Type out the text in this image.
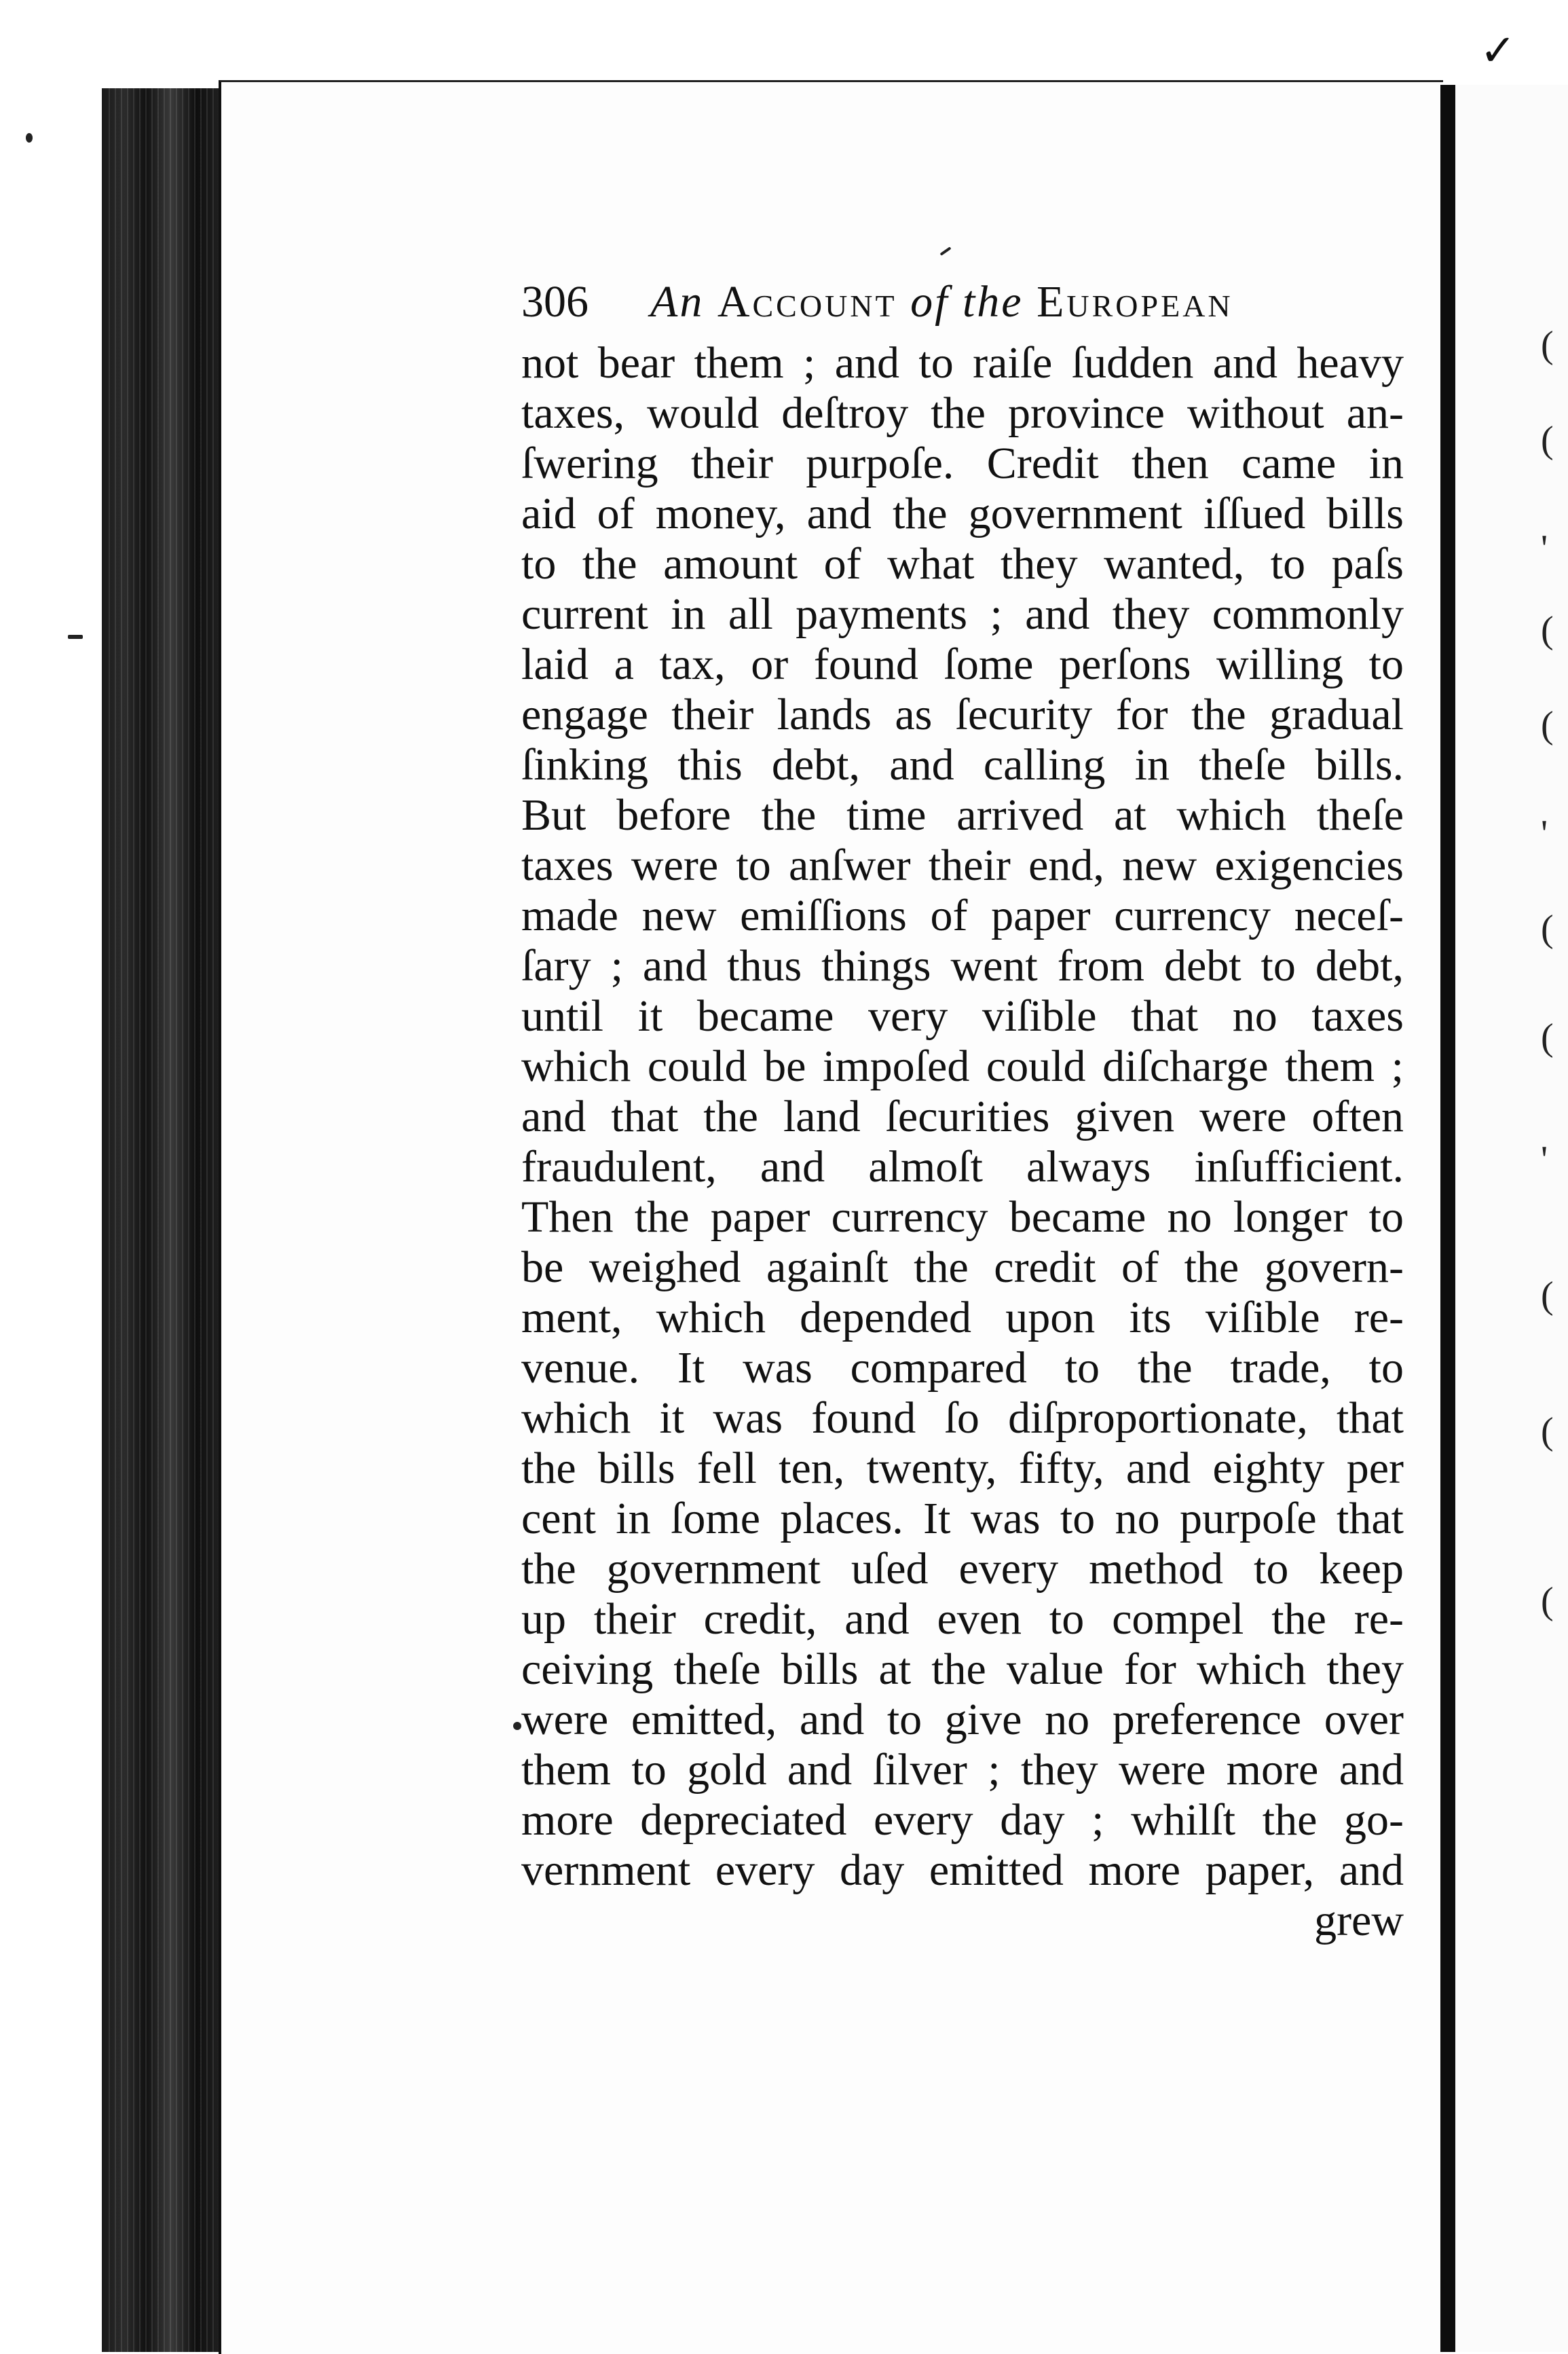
(
(
'
(
(
'
(
(
'
(
(
(
✓
306 An Account of the European
not bear them ; and to raiſe ſudden and heavy
taxes, would deſtroy the province without an-
ſwering their purpoſe. Credit then came in
aid of money, and the government iſſued bills
to the amount of what they wanted, to paſs
current in all payments ; and they commonly
laid a tax, or found ſome perſons willing to
engage their lands as ſecurity for the gradual
ſinking this debt, and calling in theſe bills.
But before the time arrived at which theſe
taxes were to anſwer their end, new exigencies
made new emiſſions of paper currency neceſ-
ſary ; and thus things went from debt to debt,
until it became very viſible that no taxes
which could be impoſed could diſcharge them ;
and that the land ſecurities given were often
fraudulent, and almoſt always inſufficient.
Then the paper currency became no longer to
be weighed againſt the credit of the govern-
ment, which depended upon its viſible re-
venue. It was compared to the trade, to
which it was found ſo diſproportionate, that
the bills fell ten, twenty, fifty, and eighty per
cent in ſome places. It was to no purpoſe that
the government uſed every method to keep
up their credit, and even to compel the re-
ceiving theſe bills at the value for which they
were emitted, and to give no preference over
them to gold and ſilver ; they were more and
more depreciated every day ; whilſt the go-
vernment every day emitted more paper, and
grew
